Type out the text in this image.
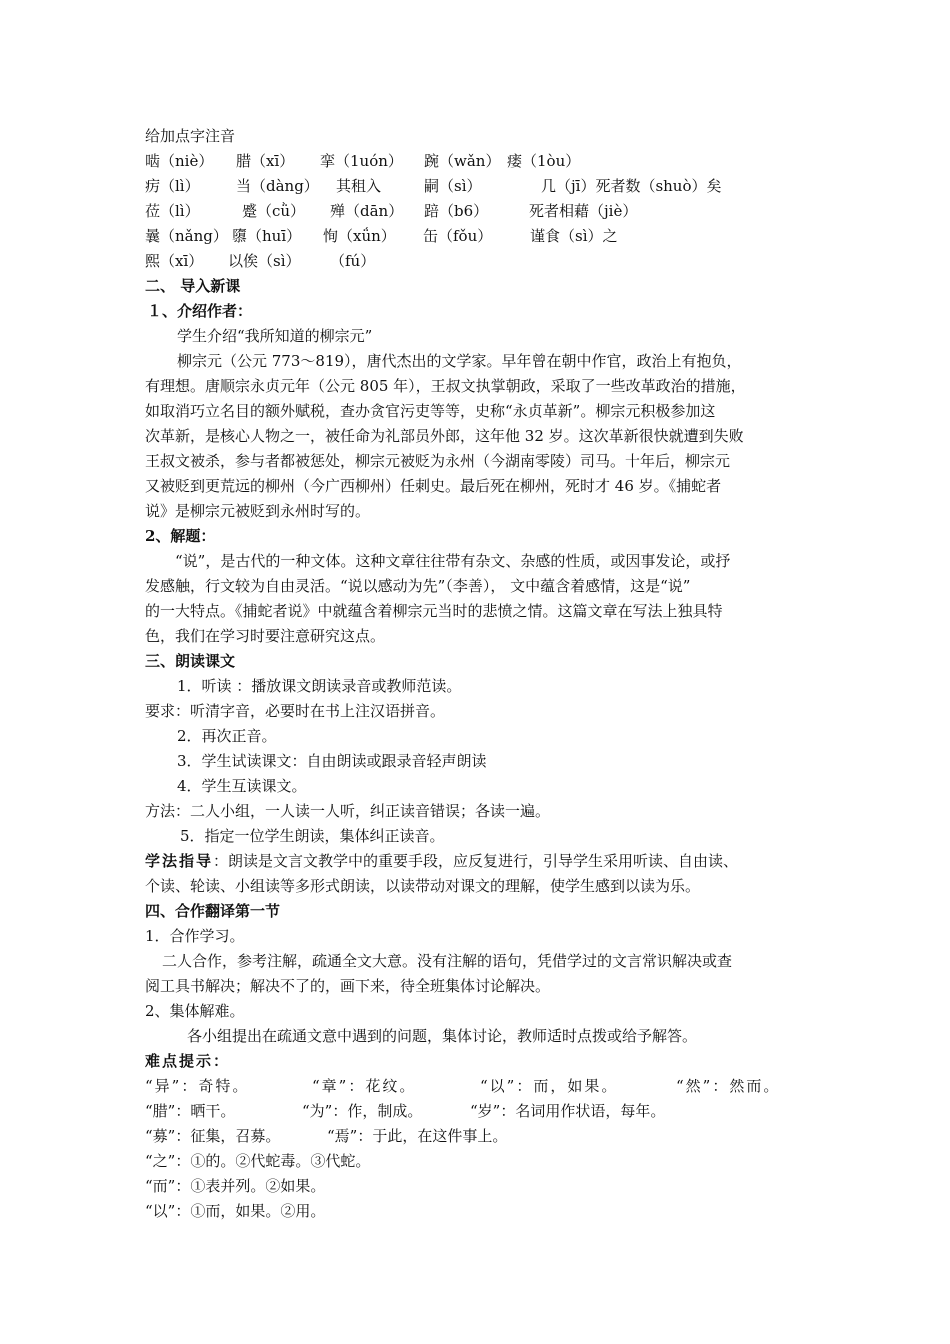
给加点字注音
啮（niè） 腊（xī） 挛（1uón） 踠（wǎn） 瘘（1òu）
疠（lì） 当（dàng） 其租入	嗣（sì）	几（jī）死者数（shuò）矣
莅（lì）	蹙（cǜ） 殚（dān） 踣（b6）	死者相藉（jiè）
曩（nǎng） 隳（huī） 恂（xǘn） 缶（fǒu）	谨食（sì）之
熙（xī） 以俟（sì） （fú）
二、 导入新课
１、介绍作者：
学生介绍“我所知道的柳宗元”
柳宗元（公元 773～819），唐代杰出的文学家。早年曾在朝中作官，政治上有抱负，
有理想。唐顺宗永贞元年（公元 805 年），王叔文执掌朝政，采取了一些改革政治的措施，
如取消巧立名目的额外赋税，查办贪官污吏等等，史称“永贞革新”。柳宗元积极参加这
次革新，是核心人物之一，被任命为礼部员外郎，这年他 32 岁。这次革新很快就遭到失败
王叔文被杀，参与者都被惩处，柳宗元被贬为永州（今湖南零陵）司马。十年后，柳宗元
又被贬到更荒远的柳州（今广西柳州）任刺史。最后死在柳州，死时才 46 岁。《捕蛇者
说》是柳宗元被贬到永州时写的。
2、解题：
“说”，是古代的一种文体。这种文章往往带有杂文、杂感的性质，或因事发论，或抒
发感触，行文较为自由灵活。“说以感动为先”（李善）， 文中蕴含着感情，这是“说”
的一大特点。《捕蛇者说》中就蕴含着柳宗元当时的悲愤之情。这篇文章在写法上独具特
色，我们在学习时要注意研究这点。
三、朗读课文
1．听读 ：播放课文朗读录音或教师范读。
要求：听清字音，必要时在书上注汉语拼音。
2．再次正音。
3．学生试读课文：自由朗读或跟录音轻声朗读
4．学生互读课文。
方法：二人小组，一人读一人听，纠正读音错误；各读一遍。
5．指定一位学生朗读，集体纠正读音。
学法指导：朗读是文言文教学中的重要手段，应反复进行，引导学生采用听读、自由读、
个读、轮读、小组读等多形式朗读，以读带动对课文的理解，使学生感到以读为乐。
四、合作翻译第一节
1．合作学习。
二人合作，参考注解，疏通全文大意。没有注解的语句，凭借学过的文言常识解决或查
阅工具书解决；解决不了的，画下来，待全班集体讨论解决。
2、集体解难。
各小组提出在疏通文意中遇到的问题，集体讨论，教师适时点拨或给予解答。
难点提示：
“异”：奇特。	“章”：花纹。	“以”：而，如果。	“然”：然而。
“腊”：晒干。	“为”：作，制成。	“岁”：名词用作状语，每年。
“募”：征集，召募。	“焉”：于此，在这件事上。
“之”：①的。②代蛇毒。③代蛇。
“而”：①表并列。②如果。
“以”：①而，如果。②用。
